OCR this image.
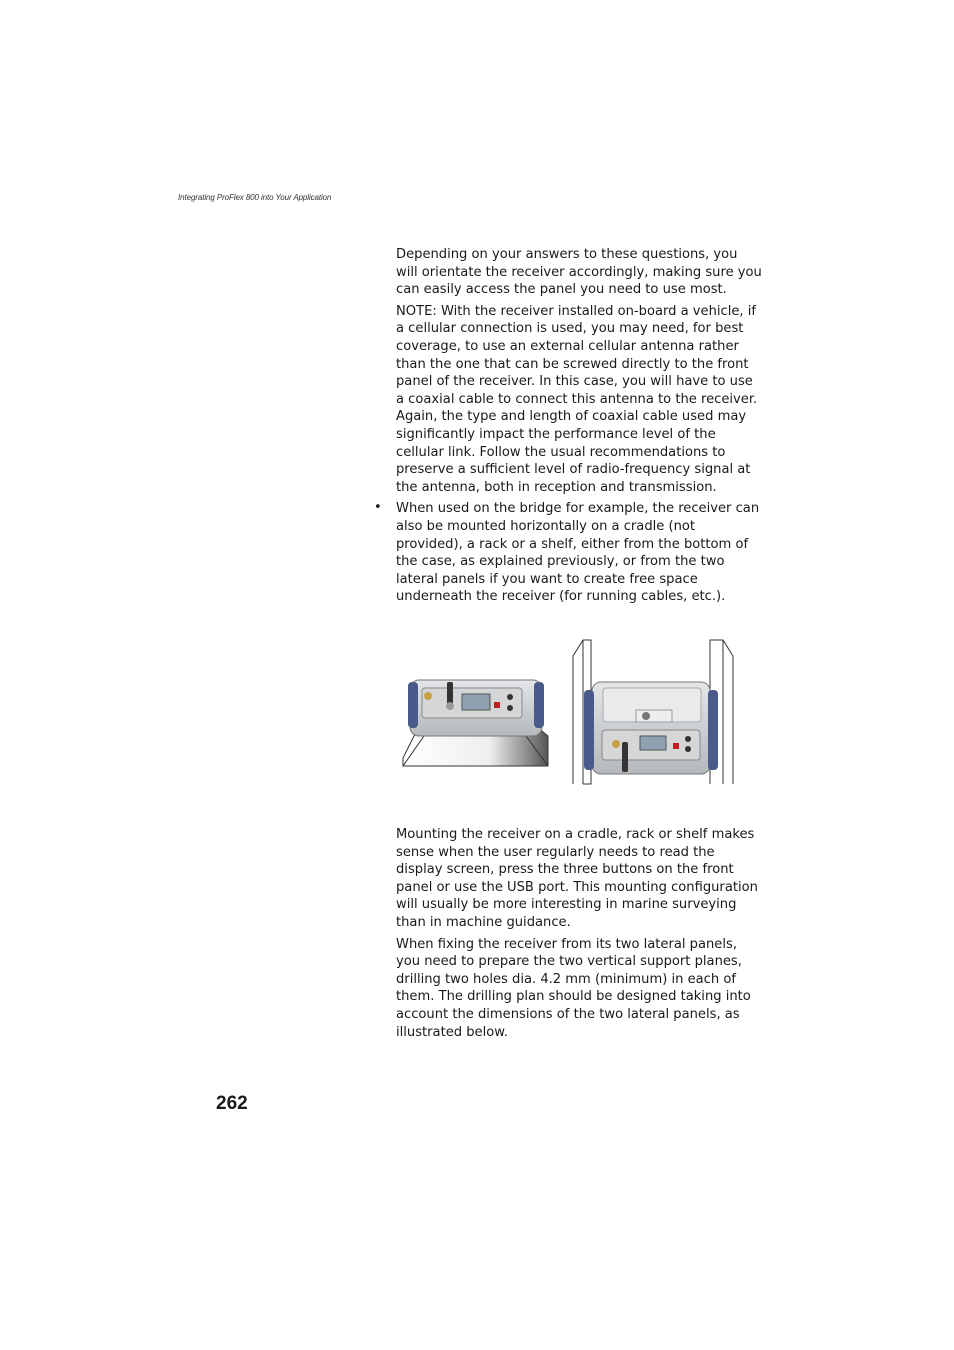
Integrating ProFlex 800 into Your Application

Depending on your answers to these questions, you will orientate the receiver accordingly, making sure you can easily access the panel you need to use most.

NOTE: With the receiver installed on-board a vehicle, if a cellular connection is used, you may need, for best coverage, to use an external cellular antenna rather than the one that can be screwed directly to the front panel of the receiver. In this case, you will have to use a coaxial cable to connect this antenna to the receiver. Again, the type and length of coaxial cable used may significantly impact the performance level of the cellular link. Follow the usual recommendations to preserve a sufficient level of radio-frequency signal at the antenna, both in reception and transmission.

When used on the bridge for example, the receiver can also be mounted horizontally on a cradle (not provided), a rack or a shelf, either from the bottom of the case, as explained previously, or from the two lateral panels if you want to create free space underneath the receiver (for running cables, etc.).

•

Mounting the receiver on a cradle, rack or shelf makes sense when the user regularly needs to read the display screen, press the three buttons on the front panel or use the USB port. This mounting configuration will usually be more interesting in marine surveying than in machine guidance.

When fixing the receiver from its two lateral panels, you need to prepare the two vertical support planes, drilling two holes dia. 4.2 mm (minimum) in each of them. The drilling plan should be designed taking into account the dimensions of the two lateral panels, as illustrated below.

262
